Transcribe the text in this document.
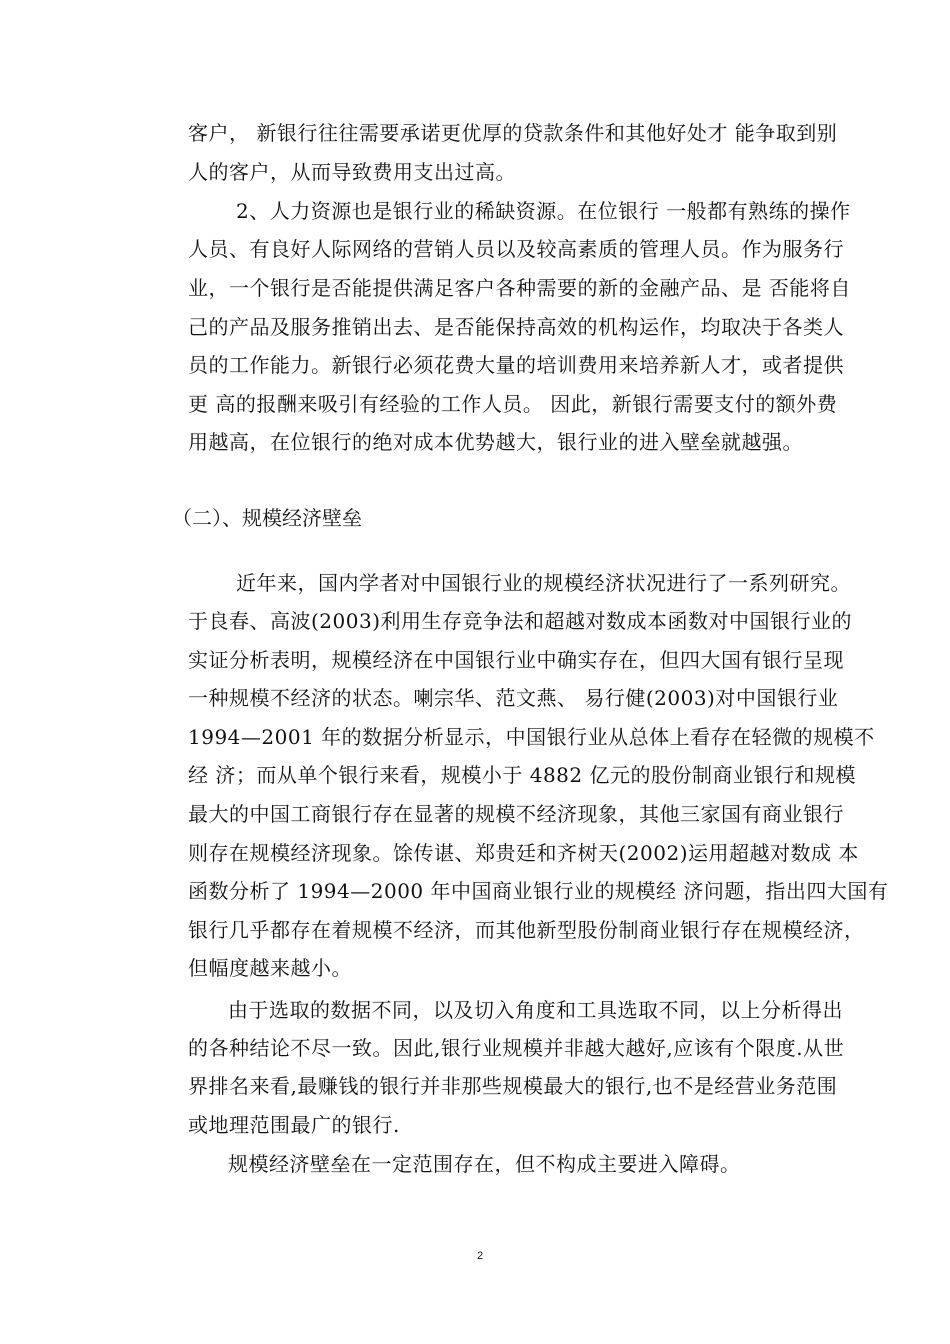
客户， 新银行往往需要承诺更优厚的贷款条件和其他好处才 能争取到别
人的客户，从而导致费用支出过高。
2、人力资源也是银行业的稀缺资源。在位银行 一般都有熟练的操作
人员、有良好人际网络的营销人员以及较高素质的管理人员。作为服务行
业，一个银行是否能提供满足客户各种需要的新的金融产品、是 否能将自
己的产品及服务推销出去、是否能保持高效的机构运作，均取决于各类人
员的工作能力。新银行必须花费大量的培训费用来培养新人才，或者提供
更 高的报酬来吸引有经验的工作人员。 因此，新银行需要支付的额外费
用越高，在位银行的绝对成本优势越大，银行业的进入壁垒就越强。
（二）、规模经济壁垒
近年来，国内学者对中国银行业的规模经济状况进行了一系列研究。
于良春、高波(2003)利用生存竞争法和超越对数成本函数对中国银行业的
实证分析表明，规模经济在中国银行业中确实存在，但四大国有银行呈现
一种规模不经济的状态。喇宗华、范文燕、 易行健(2003)对中国银行业
1994—2001 年的数据分析显示，中国银行业从总体上看存在轻微的规模不
经 济；而从单个银行来看，规模小于 4882 亿元的股份制商业银行和规模
最大的中国工商银行存在显著的规模不经济现象，其他三家国有商业银行
则存在规模经济现象。馀传谌、郑贵廷和齐树天(2002)运用超越对数成 本
函数分析了 1994—2000 年中国商业银行业的规模经 济问题，指出四大国有
银行几乎都存在着规模不经济，而其他新型股份制商业银行存在规模经济，
但幅度越来越小。
由于选取的数据不同，以及切入角度和工具选取不同，以上分析得出
的各种结论不尽一致。因此,银行业规模并非越大越好,应该有个限度.从世
界排名来看,最赚钱的银行并非那些规模最大的银行,也不是经营业务范围
或地理范围最广的银行.
规模经济壁垒在一定范围存在，但不构成主要进入障碍。
2
